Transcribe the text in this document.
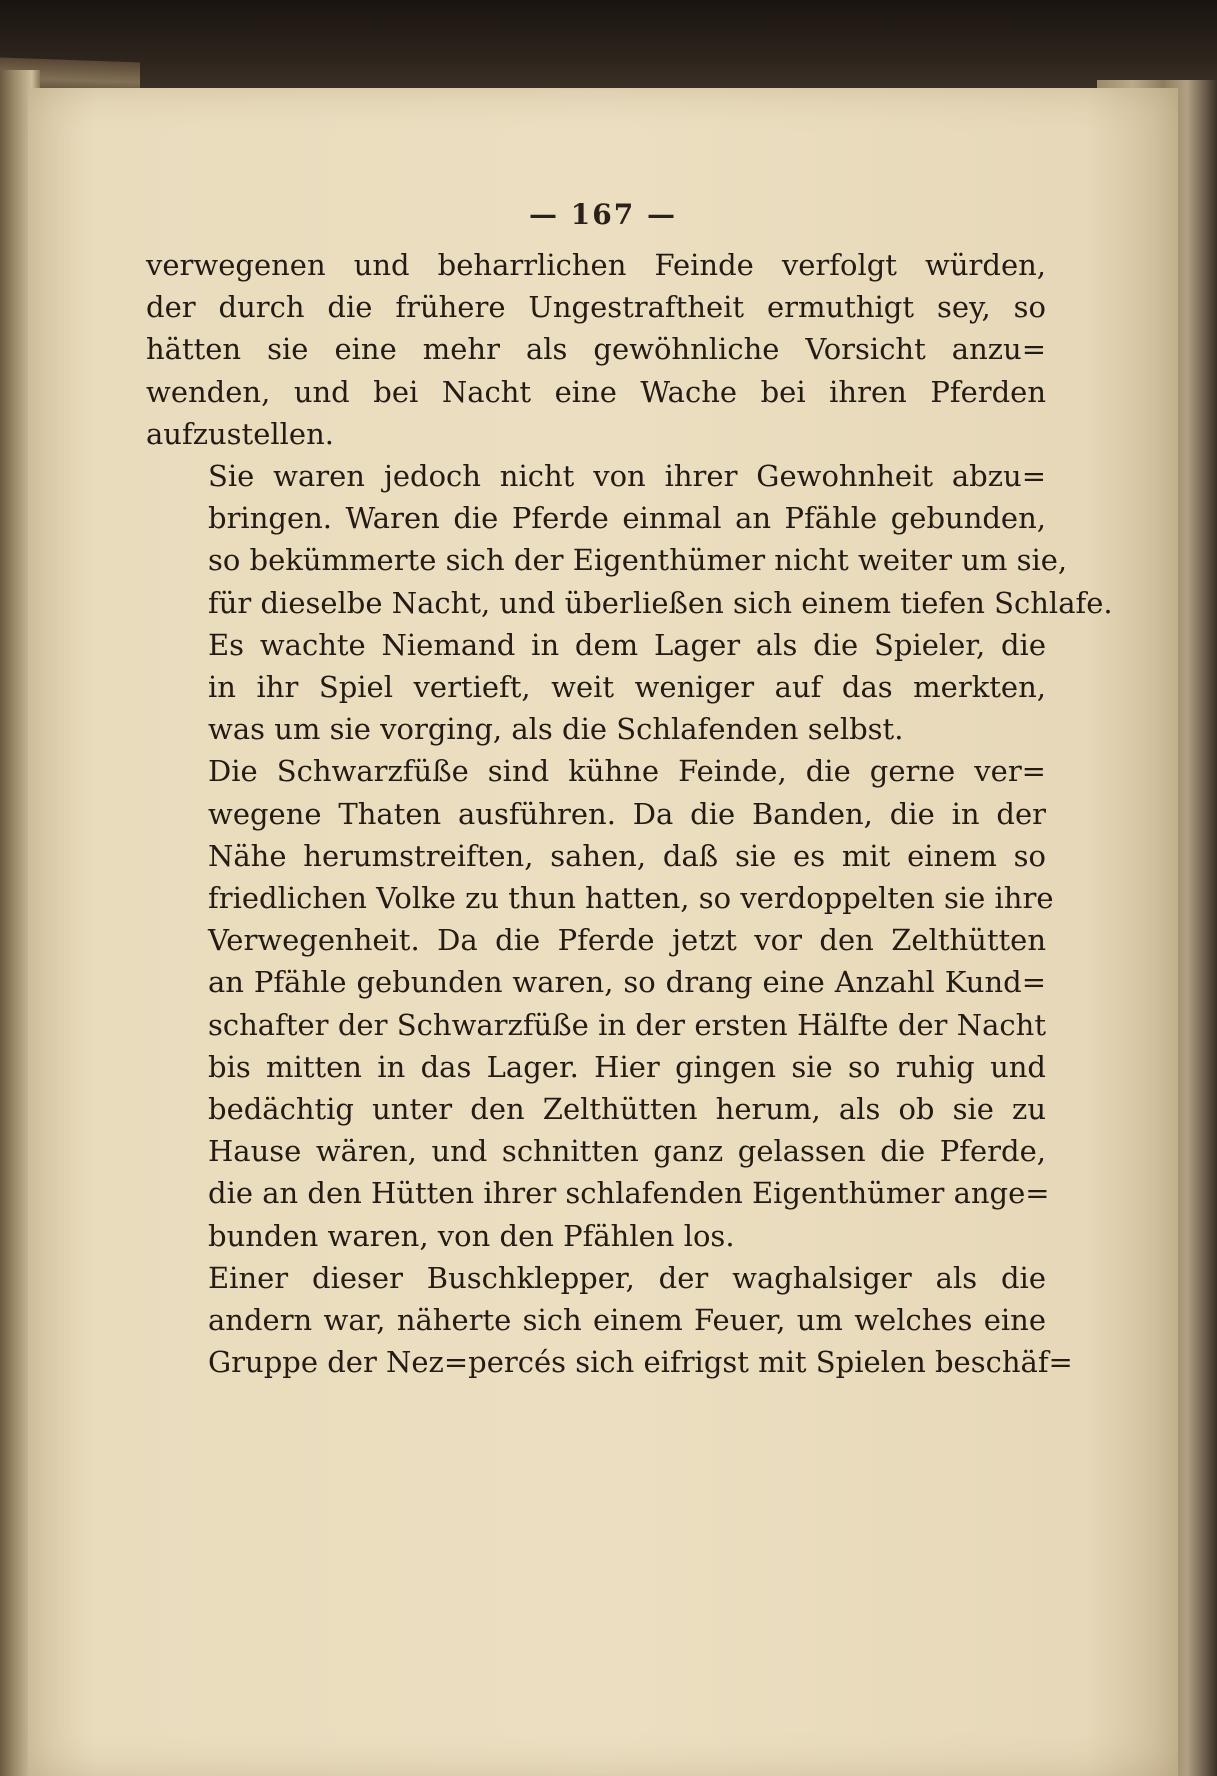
— 167 —

verwegenen und beharrlichen Feinde verfolgt würden,
der durch die frühere Ungestraftheit ermuthigt sey, so
hätten sie eine mehr als gewöhnliche Vorsicht anzu=
wenden, und bei Nacht eine Wache bei ihren Pferden
aufzustellen.

Sie waren jedoch nicht von ihrer Gewohnheit abzu=
bringen. Waren die Pferde einmal an Pfähle gebunden,
so bekümmerte sich der Eigenthümer nicht weiter um sie,
für dieselbe Nacht, und überließen sich einem tiefen Schlafe.
Es wachte Niemand in dem Lager als die Spieler, die
in ihr Spiel vertieft, weit weniger auf das merkten,
was um sie vorging, als die Schlafenden selbst.

Die Schwarzfüße sind kühne Feinde, die gerne ver=
wegene Thaten ausführen. Da die Banden, die in der
Nähe herumstreiften, sahen, daß sie es mit einem so
friedlichen Volke zu thun hatten, so verdoppelten sie ihre
Verwegenheit. Da die Pferde jetzt vor den Zelthütten
an Pfähle gebunden waren, so drang eine Anzahl Kund=
schafter der Schwarzfüße in der ersten Hälfte der Nacht
bis mitten in das Lager. Hier gingen sie so ruhig und
bedächtig unter den Zelthütten herum, als ob sie zu
Hause wären, und schnitten ganz gelassen die Pferde,
die an den Hütten ihrer schlafenden Eigenthümer ange=
bunden waren, von den Pfählen los.

Einer dieser Buschklepper, der waghalsiger als die
andern war, näherte sich einem Feuer, um welches eine
Gruppe der Nez=percés sich eifrigst mit Spielen beschäf=
